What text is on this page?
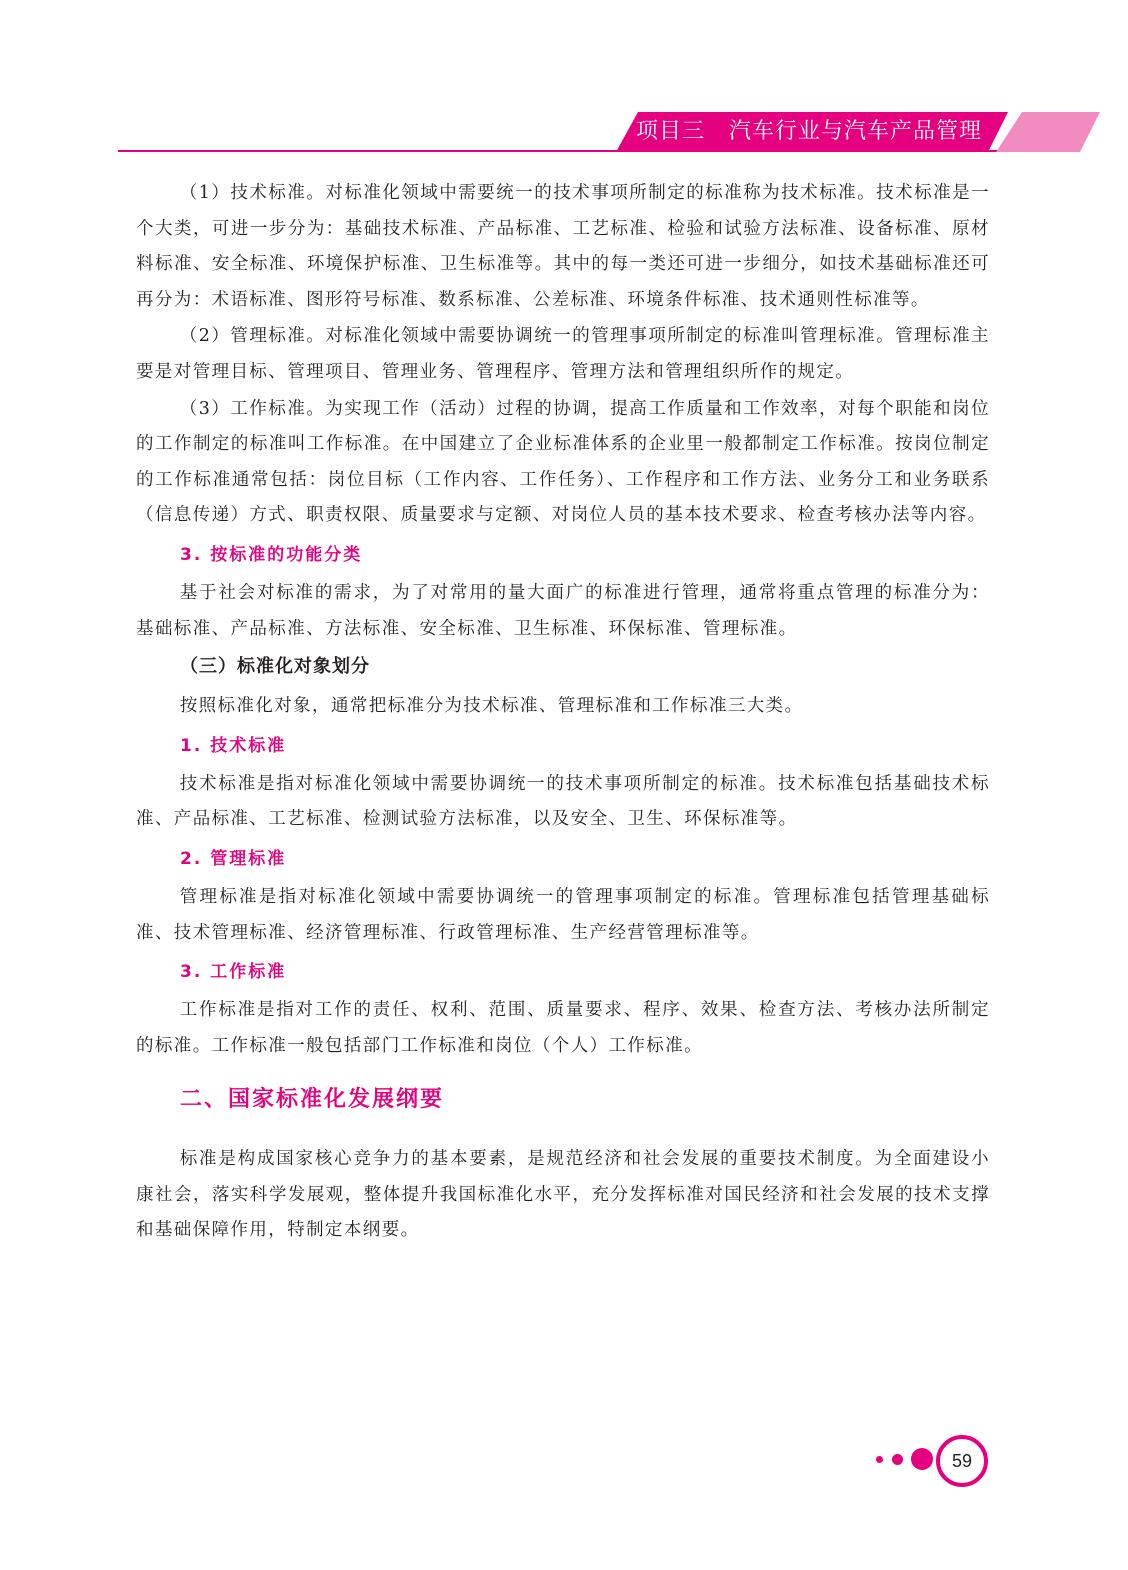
项目三   汽车行业与汽车产品管理

（1）技术标准。对标准化领域中需要统一的技术事项所制定的标准称为技术标准。技术标准是一个大类，可进一步分为：基础技术标准、产品标准、工艺标准、检验和试验方法标准、设备标准、原材料标准、安全标准、环境保护标准、卫生标准等。其中的每一类还可进一步细分，如技术基础标准还可再分为：术语标准、图形符号标准、数系标准、公差标准、环境条件标准、技术通则性标准等。

（2）管理标准。对标准化领域中需要协调统一的管理事项所制定的标准叫管理标准。管理标准主要是对管理目标、管理项目、管理业务、管理程序、管理方法和管理组织所作的规定。

（3）工作标准。为实现工作（活动）过程的协调，提高工作质量和工作效率，对每个职能和岗位的工作制定的标准叫工作标准。在中国建立了企业标准体系的企业里一般都制定工作标准。按岗位制定的工作标准通常包括：岗位目标（工作内容、工作任务）、工作程序和工作方法、业务分工和业务联系（信息传递）方式、职责权限、质量要求与定额、对岗位人员的基本技术要求、检查考核办法等内容。

3. 按标准的功能分类

基于社会对标准的需求，为了对常用的量大面广的标准进行管理，通常将重点管理的标准分为：基础标准、产品标准、方法标准、安全标准、卫生标准、环保标准、管理标准。

（三）标准化对象划分

按照标准化对象，通常把标准分为技术标准、管理标准和工作标准三大类。

1. 技术标准

技术标准是指对标准化领域中需要协调统一的技术事项所制定的标准。技术标准包括基础技术标准、产品标准、工艺标准、检测试验方法标准，以及安全、卫生、环保标准等。

2. 管理标准

管理标准是指对标准化领域中需要协调统一的管理事项制定的标准。管理标准包括管理基础标准、技术管理标准、经济管理标准、行政管理标准、生产经营管理标准等。

3. 工作标准

工作标准是指对工作的责任、权利、范围、质量要求、程序、效果、检查方法、考核办法所制定的标准。工作标准一般包括部门工作标准和岗位（个人）工作标准。

二、国家标准化发展纲要

标准是构成国家核心竞争力的基本要素，是规范经济和社会发展的重要技术制度。为全面建设小康社会，落实科学发展观，整体提升我国标准化水平，充分发挥标准对国民经济和社会发展的技术支撑和基础保障作用，特制定本纲要。

59
